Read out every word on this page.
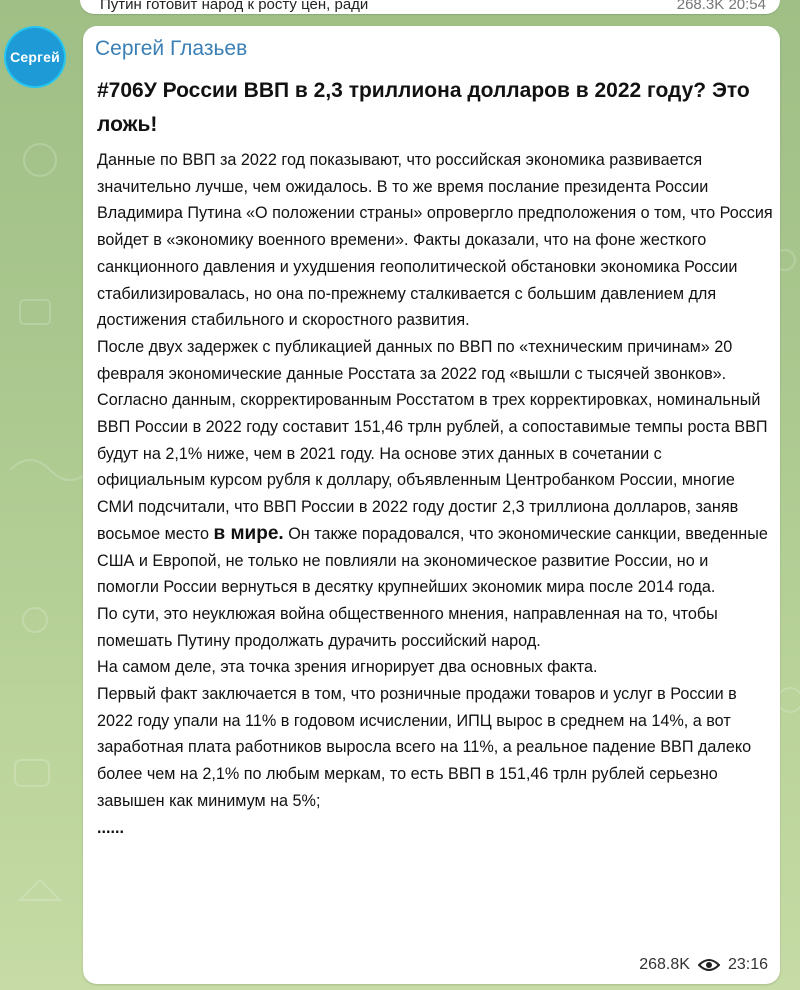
Путин готовит народ к росту цен, ради	268.3K 20:54
Сергей Сергей Глазьев
#706У России ВВП в 2,3 триллиона долларов в 2022 году? Это ложь!

Данные по ВВП за 2022 год показывают, что российская экономика развивается значительно лучше, чем ожидалось. В то же время послание президента России Владимира Путина «О положении страны» опровергло предположения о том, что Россия войдет в «экономику военного времени». Факты доказали, что на фоне жесткого санкционного давления и ухудшения геополитической обстановки экономика России стабилизировалась, но она по-прежнему сталкивается с большим давлением для достижения стабильного и скоростного развития.

После двух задержек с публикацией данных по ВВП по «техническим причинам» 20 февраля экономические данные Росстата за 2022 год «вышли с тысячей звонков». Согласно данным, скорректированным Росстатом в трех корректировках, номинальный ВВП России в 2022 году составит 151,46 трлн рублей, а сопоставимые темпы роста ВВП будут на 2,1% ниже, чем в 2021 году. На основе этих данных в сочетании с официальным курсом рубля к доллару, объявленным Центробанком России, многие СМИ подсчитали, что ВВП России в 2022 году достиг 2,3 триллиона долларов, заняв восьмое место в мире. Он также порадовался, что экономические санкции, введенные США и Европой, не только не повлияли на экономическое развитие России, но и помогли России вернуться в десятку крупнейших экономик мира после 2014 года.

По сути, это неуклюжая война общественного мнения, направленная на то, чтобы помешать Путину продолжать дурачить российский народ.

На самом деле, эта точка зрения игнорирует два основных факта.

Первый факт заключается в том, что розничные продажи товаров и услуг в России в 2022 году упали на 11% в годовом исчислении, ИПЦ вырос в среднем на 14%, а вот заработная плата работников выросла всего на 11%, а реальное падение ВВП далеко более чем на 2,1% по любым меркам, то есть ВВП в 151,46 трлн рублей серьезно завышен как минимум на 5%;

......

268.8K 23:16
